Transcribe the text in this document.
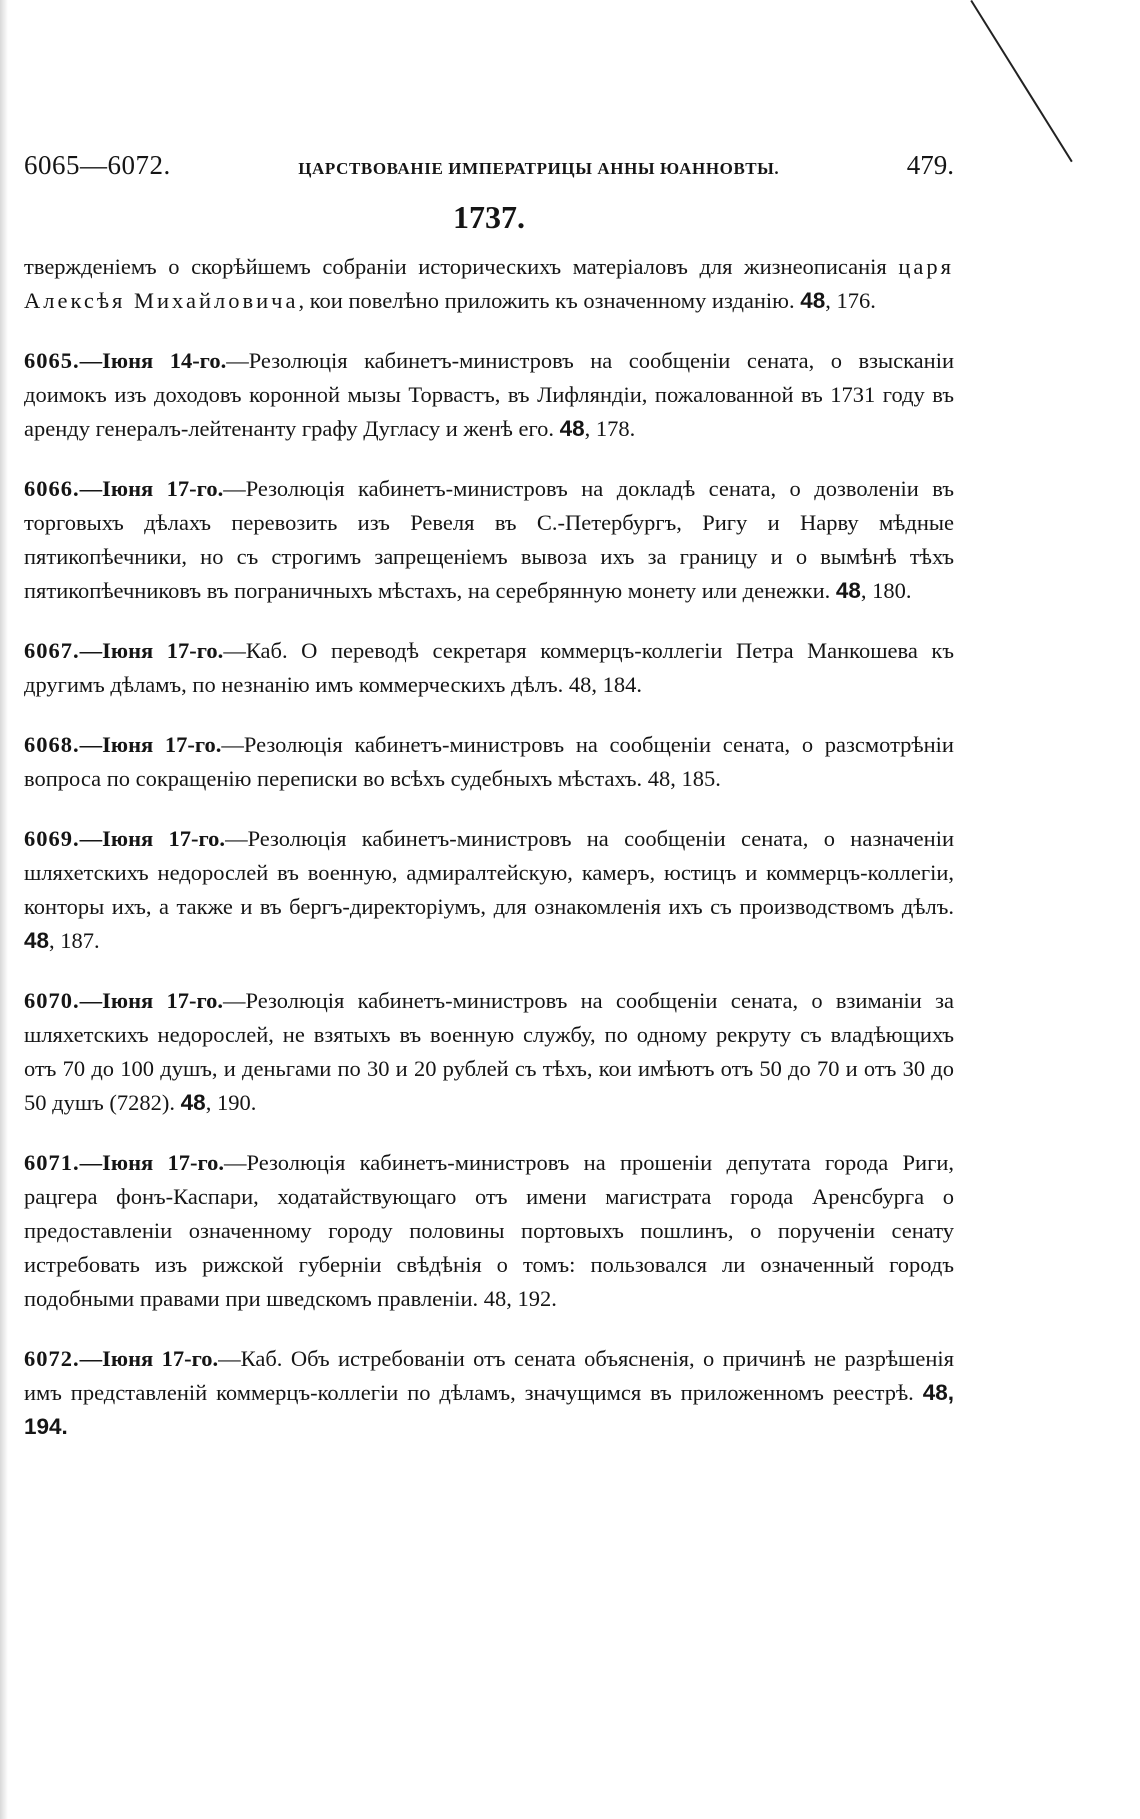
6065—6072.	ЦАРСТВОВАНІЕ ИМПЕРАТРИЦЫ АННЫ ЮАННОВТЫ.	479.
1737.

твержденіемъ о скорѣйшемъ собраніи историческихъ матеріаловъ для жизнеописанія царя Алексѣя Михайловича, кои повелѣно приложить къ означенному изданію. 48, 176.

6065.—Іюня 14-го.—Резолюція кабинетъ-министровъ на сообщеніи сената, о взысканіи доимокъ изъ доходовъ коронной мызы Торвастъ, въ Лифляндіи, пожалованной въ 1731 году въ аренду генералъ-лейтенанту графу Дугласу и женѣ его. 48, 178.

6066.—Іюня 17-го.—Резолюція кабинетъ-министровъ на докладѣ сената, о дозволеніи въ торговыхъ дѣлахъ перевозить изъ Ревеля въ С.-Петербургъ, Ригу и Нарву мѣдные пятикопѣечники, но съ строгимъ запрещеніемъ вывоза ихъ за границу и о вымѣнѣ тѣхъ пятикопѣечниковъ въ пограничныхъ мѣстахъ, на серебрянную монету или денежки. 48, 180.

6067.—Іюня 17-го.—Каб. О переводѣ секретаря коммерцъ-коллегіи Петра Манкошева къ другимъ дѣламъ, по незнанію имъ коммерческихъ дѣлъ. 48, 184.

6068.—Іюня 17-го.—Резолюція кабинетъ-министровъ на сообщеніи сената, о разсмотрѣніи вопроса по сокращенію переписки во всѣхъ судебныхъ мѣстахъ. 48, 185.

6069.—Іюня 17-го.—Резолюція кабинетъ-министровъ на сообщеніи сената, о назначеніи шляхетскихъ недорослей въ военную, адмиралтейскую, камеръ, юстицъ и коммерцъ-коллегіи, конторы ихъ, а также и въ бергъ-директоріумъ, для ознакомленія ихъ съ производствомъ дѣлъ. 48, 187.

6070.—Іюня 17-го.—Резолюція кабинетъ-министровъ на сообщеніи сената, о взиманіи за шляхетскихъ недорослей, не взятыхъ въ военную службу, по одному рекруту съ владѣющихъ отъ 70 до 100 душъ, и деньгами по 30 и 20 рублей съ тѣхъ, кои имѣютъ отъ 50 до 70 и отъ 30 до 50 душъ (7282). 48, 190.

6071.—Іюня 17-го.—Резолюція кабинетъ-министровъ на прошеніи депутата города Риги, рацгера фонъ-Каспари, ходатайствующаго отъ имени магистрата города Аренсбурга о предоставленіи означенному городу половины портовыхъ пошлинъ, о порученіи сенату истребовать изъ рижской губерніи свѣдѣнія о томъ: пользовался ли означенный городъ подобными правами при шведскомъ правленіи. 48, 192.

6072.—Іюня 17-го.—Каб. Объ истребованіи отъ сената объясненія, о причинѣ не разрѣшенія имъ представленій коммерцъ-коллегіи по дѣламъ, значущимся въ приложенномъ реестрѣ. 48, 194.
